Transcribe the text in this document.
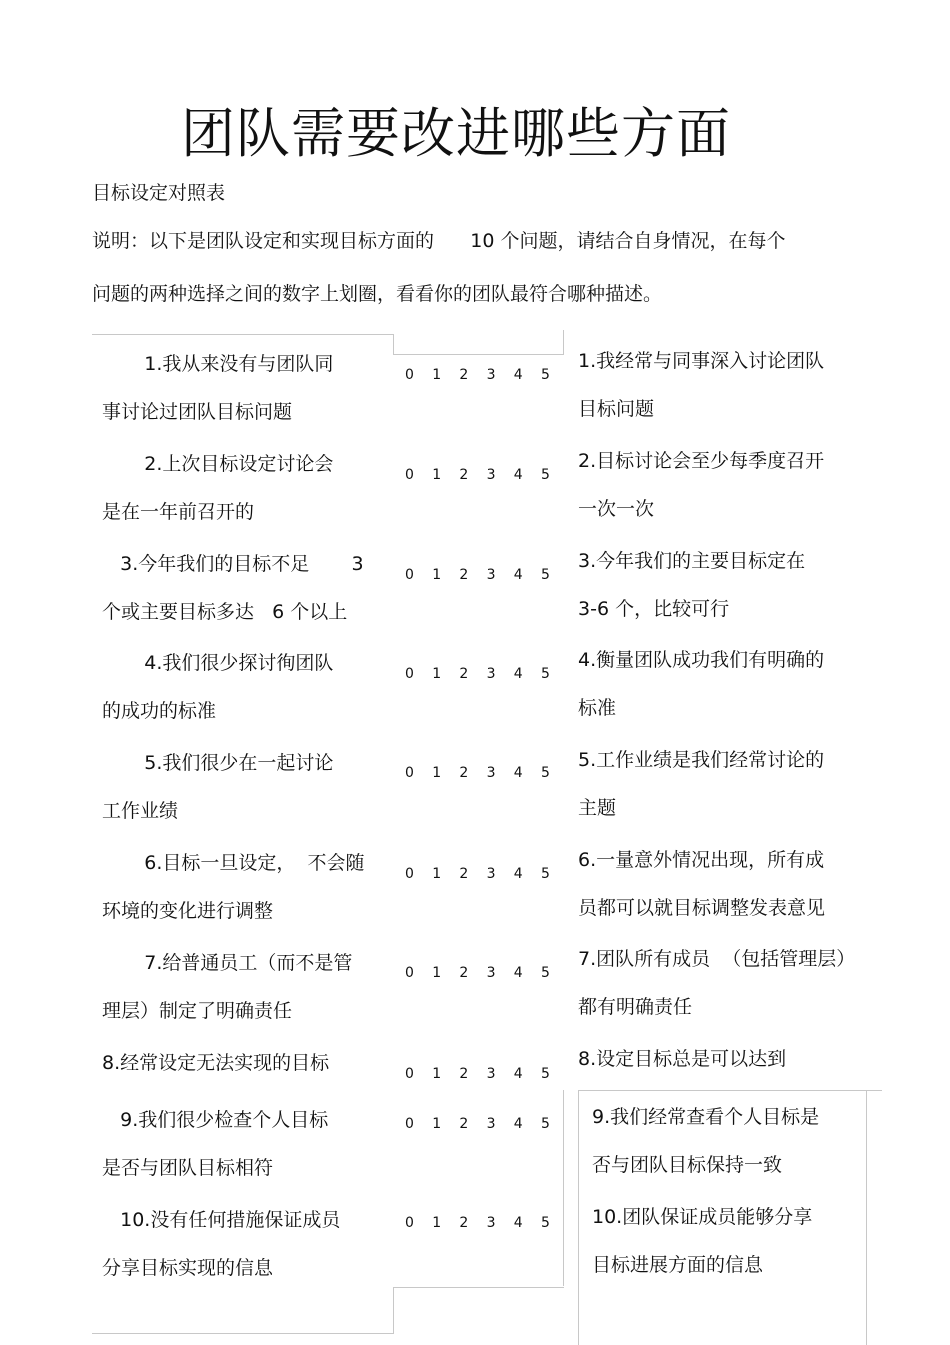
团队需要改进哪些方面
目标设定对照表
说明：以下是团队设定和实现目标方面的      10 个问题，请结合自身情况，在每个
问题的两种选择之间的数字上划圈，看看你的团队最符合哪种描述。
1.我从来没有与团队同
事讨论过团队目标问题
0	1	2	3	4	5
1.我经常与同事深入讨论团队
目标问题
2.上次目标设定讨论会
是在一年前召开的
0	1	2	3	4	5
2.目标讨论会至少每季度召开
一次一次
3.今年我们的目标不足       3
个或主要目标多达   6 个以上
0	1	2	3	4	5
3.今年我们的主要目标定在
3-6 个，比较可行
4.我们很少探讨徇团队
的成功的标准
0	1	2	3	4	5
4.衡量团队成功我们有明确的
标准
5.我们很少在一起讨论
工作业绩
0	1	2	3	4	5
5.工作业绩是我们经常讨论的
主题
6.目标一旦设定，  不会随
环境的变化进行调整
0	1	2	3	4	5
6.一量意外情况出现，所有成
员都可以就目标调整发表意见
7.给普通员工（而不是管
理层）制定了明确责任
0	1	2	3	4	5
7.团队所有成员  （包括管理层）
都有明确责任
8.经常设定无法实现的目标	0	1	2	3	4	5
8.设定目标总是可以达到
9.我们很少检查个人目标
是否与团队目标相符
0	1	2	3	4	5	9.我们经常查看个人目标是
否与团队目标保持一致
10.没有任何措施保证成员
分享目标实现的信息
0	1	2	3	4	5	10.团队保证成员能够分享
目标进展方面的信息
